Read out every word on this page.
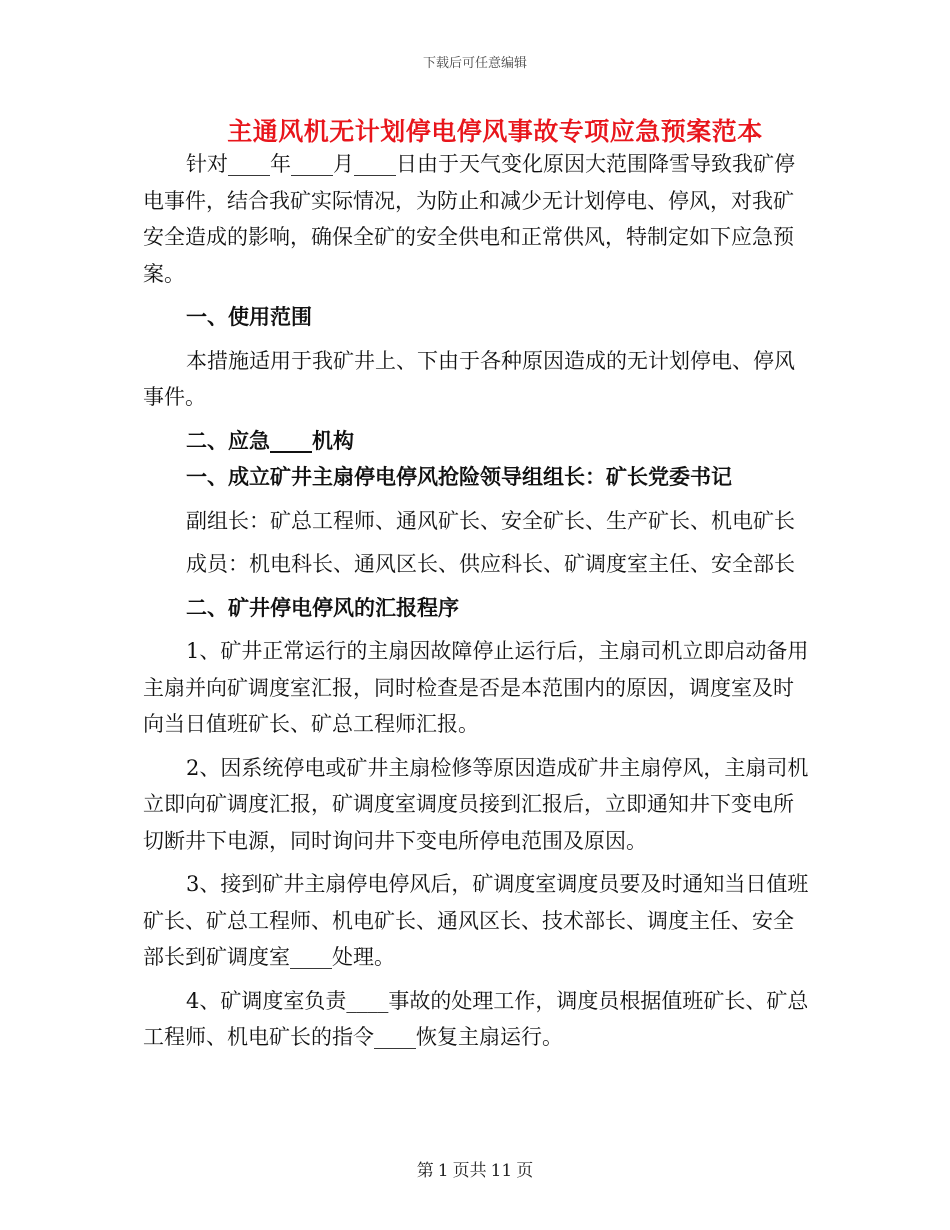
下载后可任意编辑
主通风机无计划停电停风事故专项应急预案范本

针对____年____月____日由于天气变化原因大范围降雪导致我矿停电事件，结合我矿实际情况，为防止和减少无计划停电、停风，对我矿安全造成的影响，确保全矿的安全供电和正常供风，特制定如下应急预案。

一、使用范围

本措施适用于我矿井上、下由于各种原因造成的无计划停电、停风事件。

二、应急____机构

一、成立矿井主扇停电停风抢险领导组组长：矿长党委书记

副组长：矿总工程师、通风矿长、安全矿长、生产矿长、机电矿长

成员：机电科长、通风区长、供应科长、矿调度室主任、安全部长

二、矿井停电停风的汇报程序

1、矿井正常运行的主扇因故障停止运行后，主扇司机立即启动备用主扇并向矿调度室汇报，同时检查是否是本范围内的原因，调度室及时向当日值班矿长、矿总工程师汇报。

2、因系统停电或矿井主扇检修等原因造成矿井主扇停风，主扇司机立即向矿调度汇报，矿调度室调度员接到汇报后，立即通知井下变电所切断井下电源，同时询问井下变电所停电范围及原因。

3、接到矿井主扇停电停风后，矿调度室调度员要及时通知当日值班矿长、矿总工程师、机电矿长、通风区长、技术部长、调度主任、安全部长到矿调度室____处理。

4、矿调度室负责____事故的处理工作，调度员根据值班矿长、矿总工程师、机电矿长的指令____恢复主扇运行。

第 1 页共 11 页
